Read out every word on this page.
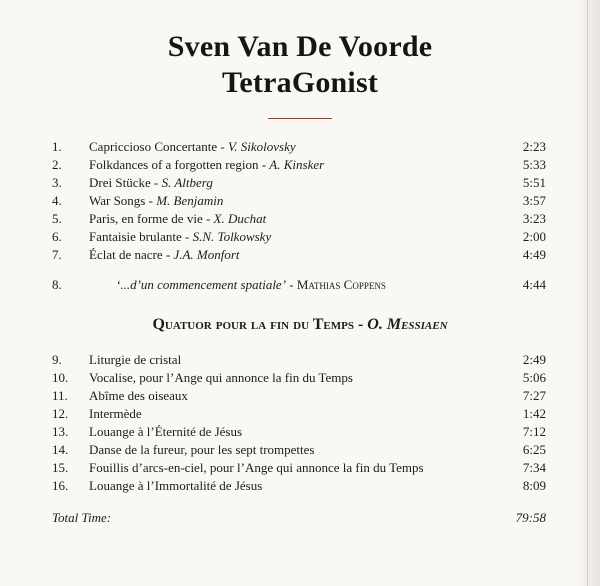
Sven Van De Voorde
TetraGonist
1. Capriccioso Concertante - V. Sikolovsky	2:23
2. Folkdances of a forgotten region - A. Kinsker	5:33
3. Drei Stücke - S. Altberg	5:51
4. War Songs - M. Benjamin	3:57
5. Paris, en forme de vie - X. Duchat	3:23
6. Fantaisie brulante - S.N. Tolkowsky	2:00
7. Éclat de nacre - J.A. Monfort	4:49
8.	‘...d’un commencement spatiale’ - Mathias Coppens	4:44
Quatuor pour la fin du Temps - O. Messiaen
9. Liturgie de cristal	2:49
10. Vocalise, pour l’Ange qui annonce la fin du Temps	5:06
11. Abîme des oiseaux	7:27
12. Intermède	1:42
13. Louange à l’Éternité de Jésus	7:12
14. Danse de la fureur, pour les sept trompettes	6:25
15. Fouillis d’arcs-en-ciel, pour l’Ange qui annonce la fin du Temps	7:34
16. Louange à l’Immortalité de Jésus	8:09
Total Time:	79:58
